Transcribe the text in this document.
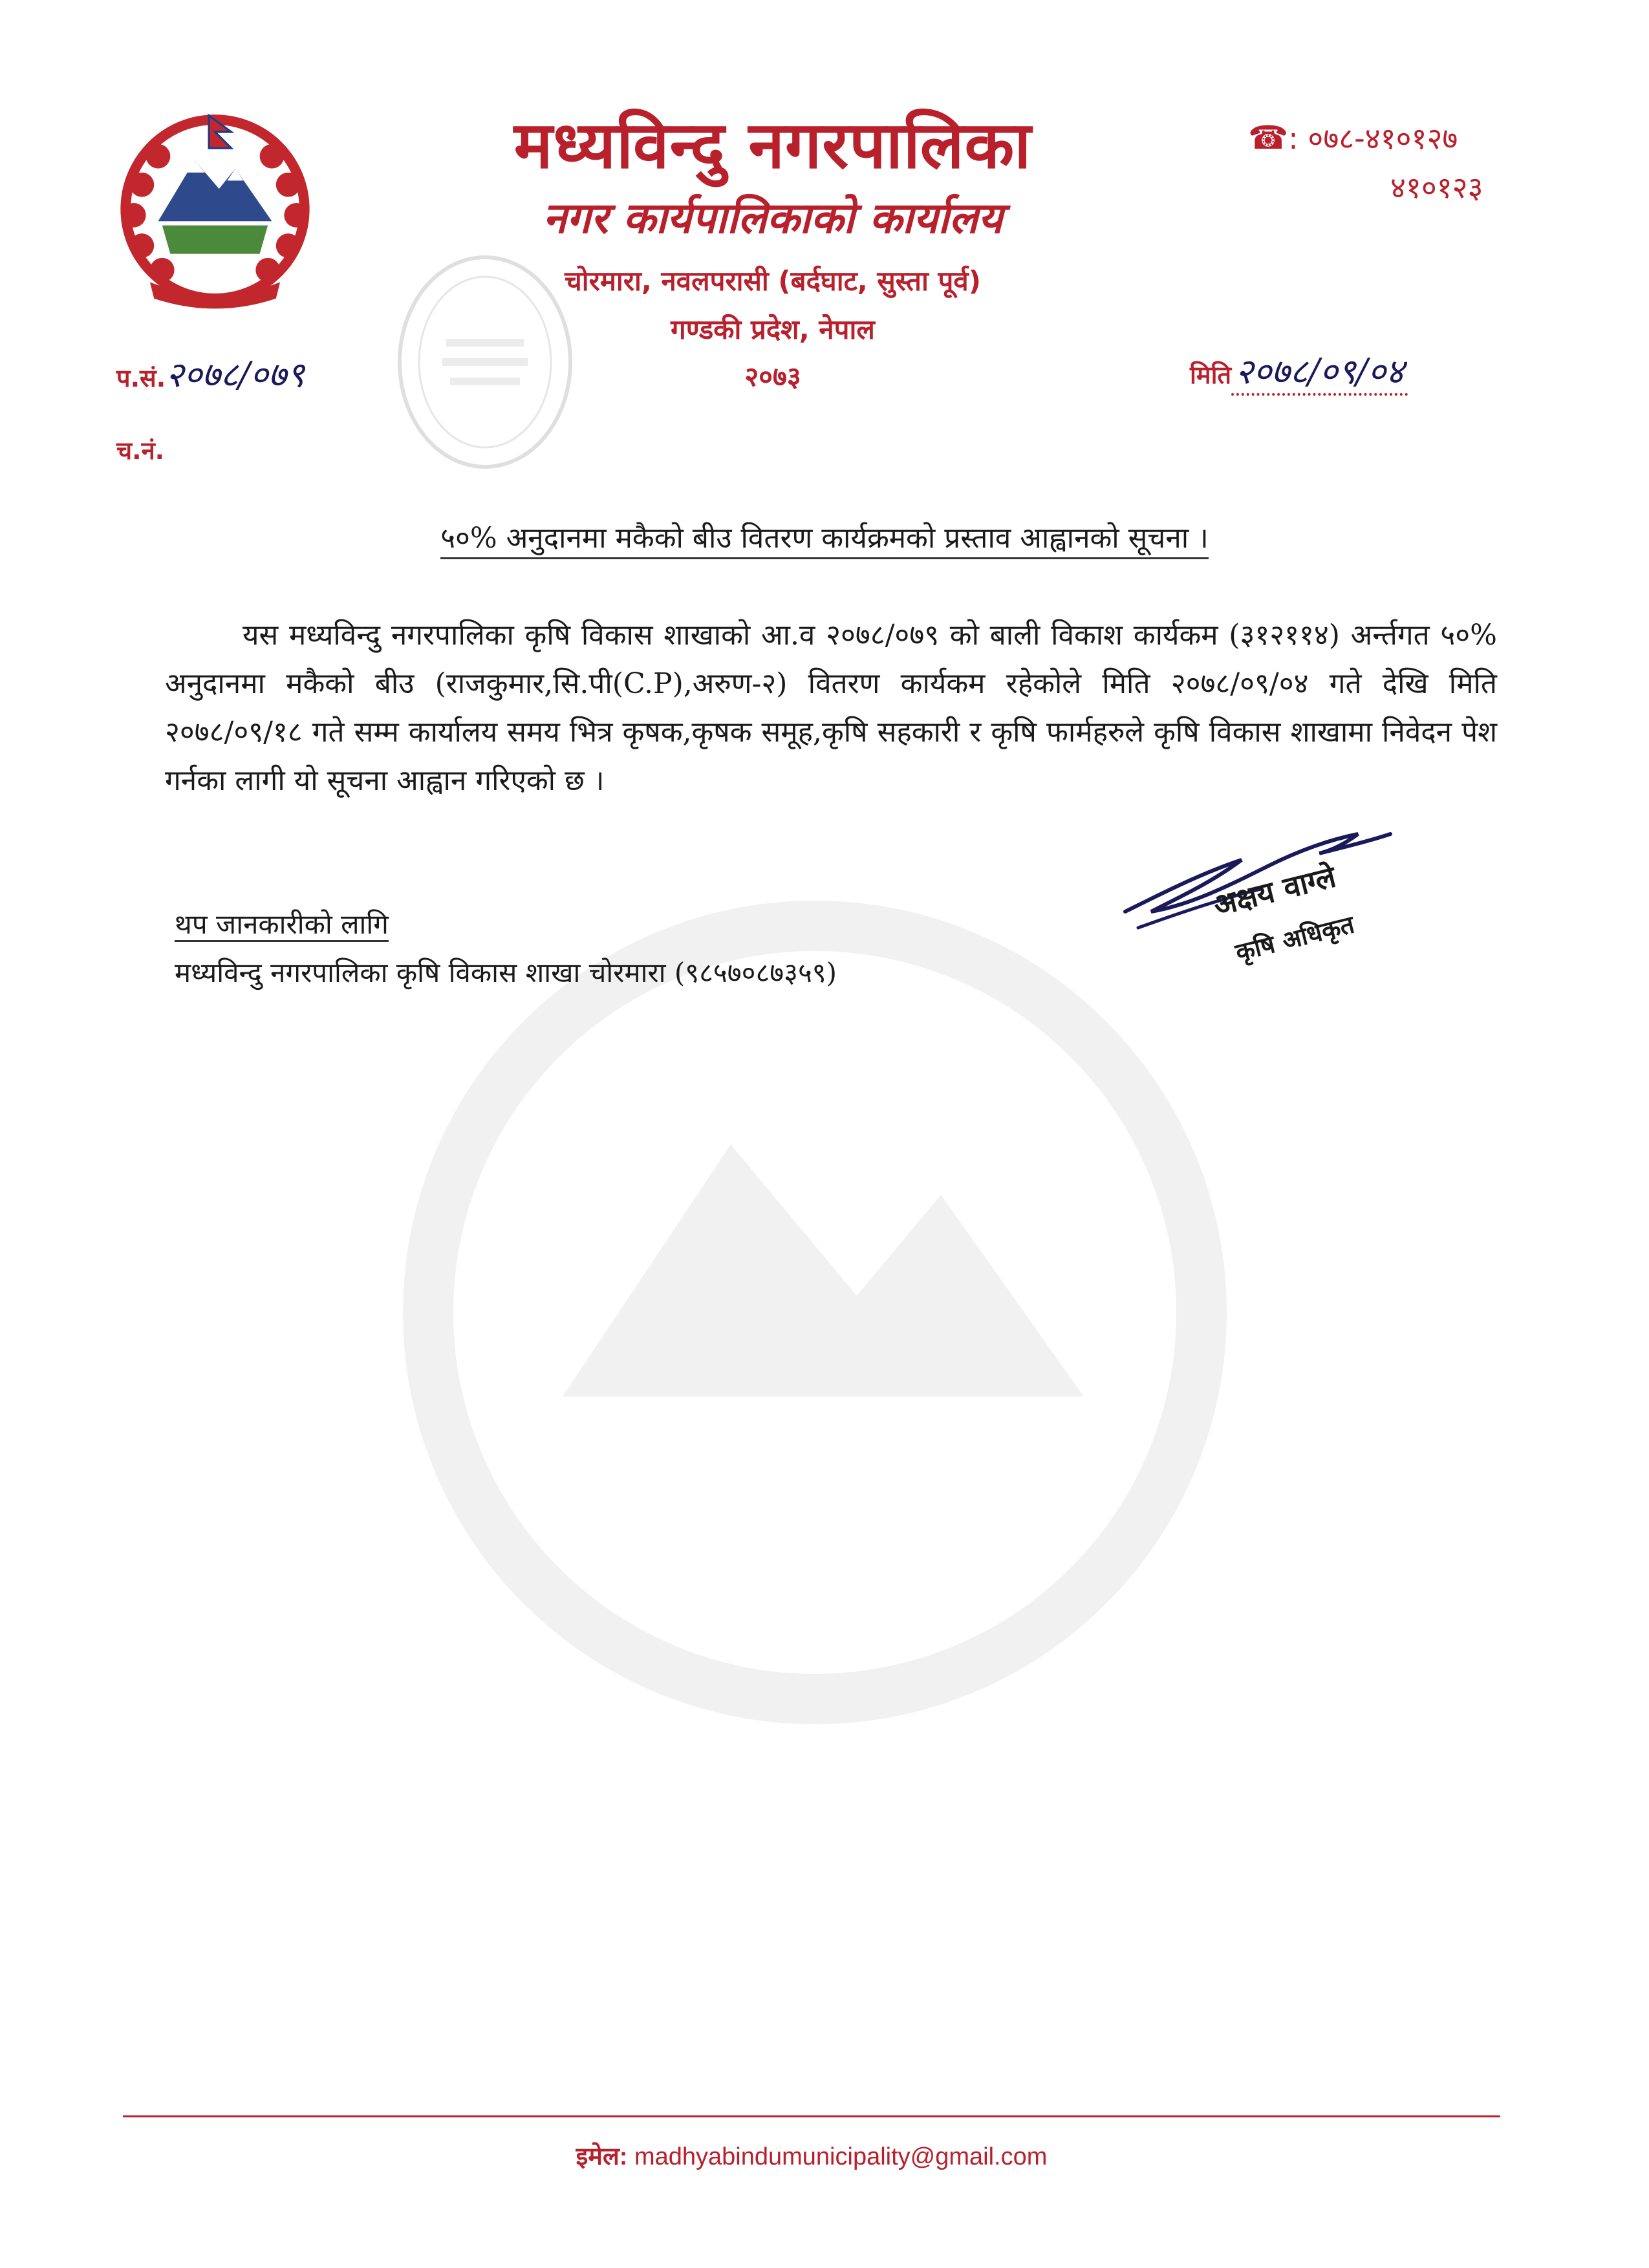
मध्यविन्दु नगरपालिका
नगर कार्यपालिकाको कार्यालय
चोरमारा, नवलपरासी (बर्दघाट, सुस्ता पूर्व)
गण्डकी प्रदेश, नेपाल
२०७३
☎: ०७८-४१०१२७
४१०१२३
प.सं.२०७८/०७९
च.नं.
मिति २०७८/०९/०४
५०% अनुदानमा मकैको बीउ वितरण कार्यक्रमको प्रस्ताव आह्वानको सूचना ।
यस मध्यविन्दु नगरपालिका कृषि विकास शाखाको आ.व २०७८/०७९ को बाली विकाश कार्यकम (३१२११४) अर्न्तगत ५०% अनुदानमा मकैको बीउ (राजकुमार,सि.पी(C.P),अरुण-२) वितरण कार्यकम रहेकोले मिति २०७८/०९/०४ गते देखि मिति २०७८/०९/१८ गते सम्म कार्यालय समय भित्र कृषक,कृषक समूह,कृषि सहकारी र कृषि फार्महरुले कृषि विकास शाखामा निवेदन पेश गर्नका लागी यो सूचना आह्वान गरिएको छ ।
थप जानकारीको लागि
मध्यविन्दु नगरपालिका कृषि विकास शाखा चोरमारा (९८५७०८७३५९)
अक्षय वाग्ले
कृषि अधिकृत
इमेल: madhyabindumunicipality@gmail.com
